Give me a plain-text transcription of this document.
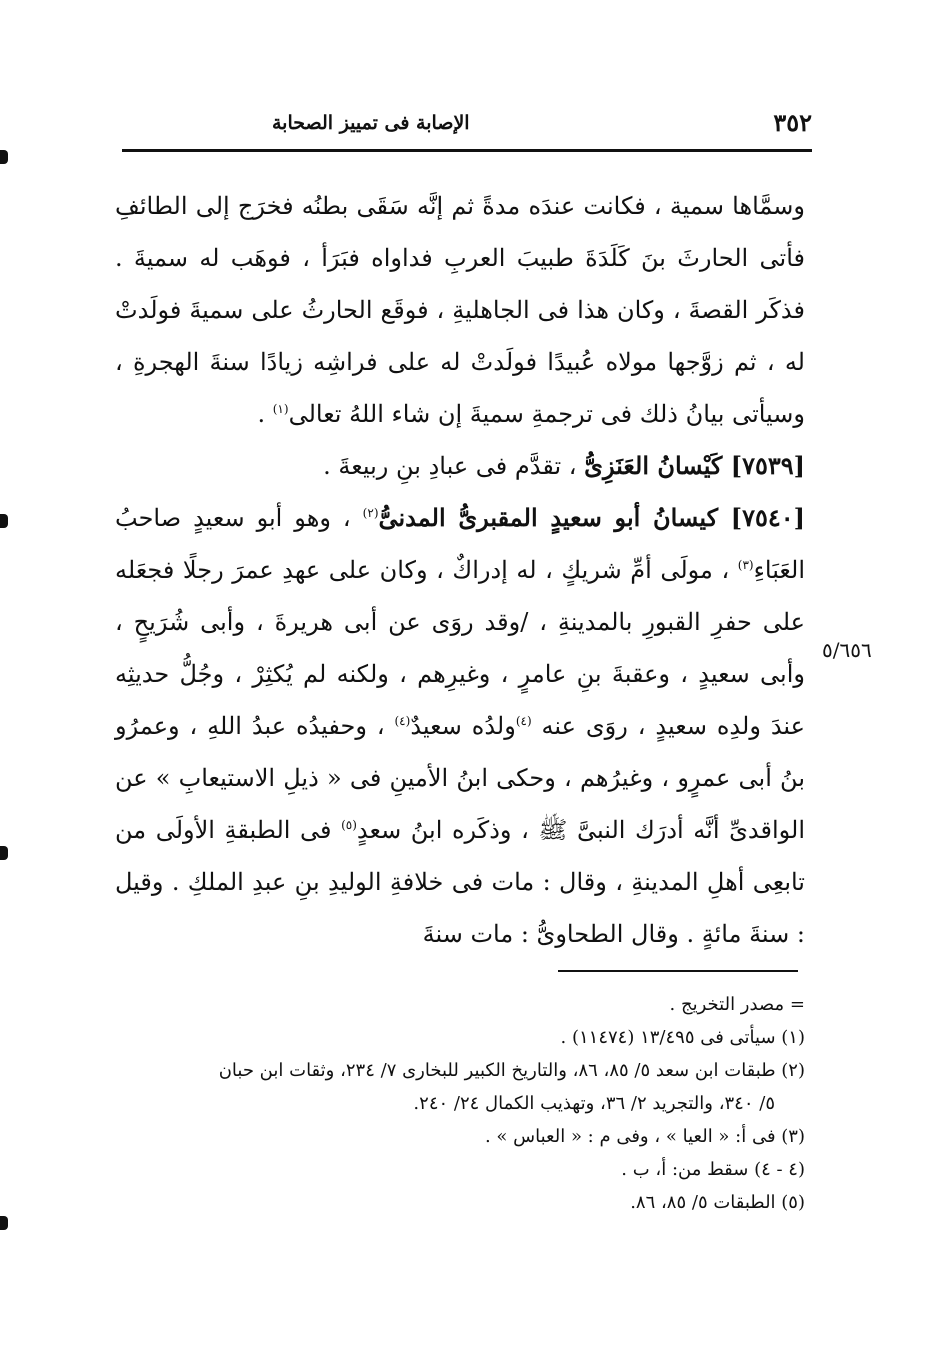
٣٥٢
الإصابة فى تمييز الصحابة
٥/٦٥٦

وسمَّاها سمية ، فكانت عندَه مدةً ثم إنَّه سَقَى بطنُه فخرَج إلى الطائفِ فأتى الحارثَ بنَ كَلَدَةَ طبيبَ العربِ فداواه فبَرَأ ، فوهَب له سميةَ . فذكَر القصةَ ، وكان هذا فى الجاهليةِ ، فوقَع الحارثُ على سميةَ فولَدتْ له ، ثم زوَّجها مولاه عُبيدًا فولَدتْ له على فراشِه زيادًا سنةَ الهجرةِ ، وسيأتى بيانُ ذلك فى ترجمةِ سميةَ إن شاء اللهُ تعالى$^{(١)}$ .

[٧٥٣٩] كَيْسانُ العَنَزِىُّ ، تقدَّم فى عبادِ بنِ ربيعةَ .

[٧٥٤٠] كيسانُ أبو سعيدٍ المقبرىُّ المدنىُّ$^{(٢)}$ ، وهو أبو سعيدٍ صاحبُ العَبَاءِ$^{(٣)}$ ، مولَى أمِّ شريكٍ ، له إدراكٌ ، وكان على عهدِ عمرَ رجلًا فجعَله على حفرِ القبورِ بالمدينةِ ، /وقد روَى عن أبى هريرةَ ، وأبى شُرَيحٍ ، وأبى سعيدٍ ، وعقبةَ بنِ عامرٍ ، وغيرِهم ، ولكنه لم يُكثِرْ ، وجُلُّ حديثِه عندَ ولدِه سعيدٍ ، روَى عنه $^{(٤)}$ولدُه سعيدٌ$^{(٤)}$ ، وحفيدُه عبدُ اللهِ ، وعمرُو بنُ أبى عمرٍو ، وغيرُهم ، وحكى ابنُ الأمينِ فى « ذيلِ الاستيعابِ » عن الواقدىِّ أنَّه أدرَك النبىَّ ﷺ ، وذكَره ابنُ سعدٍ$^{(٥)}$ فى الطبقةِ الأولَى من تابعِى أهلِ المدينةِ ، وقال : مات فى خلافةِ الوليدِ بنِ عبدِ الملكِ . وقيل : سنةَ مائةٍ . وقال الطحاوىُّ : مات سنةَ

= مصدر التخريج .

(١) سيأتى فى ١٣/٤٩٥ (١١٤٧٤) .

(٢) طبقات ابن سعد ٥/ ٨٥، ٨٦، والتاريخ الكبير للبخارى ٧/ ٢٣٤، وثقات ابن حبان

٥/ ٣٤٠، والتجريد ٢/ ٣٦، وتهذيب الكمال ٢٤/ ٢٤٠.

(٣) فى أ: « العيا » ، وفى م : « العباس » .

(٤ - ٤) سقط من: أ، ب .

(٥) الطبقات ٥/ ٨٥، ٨٦.
